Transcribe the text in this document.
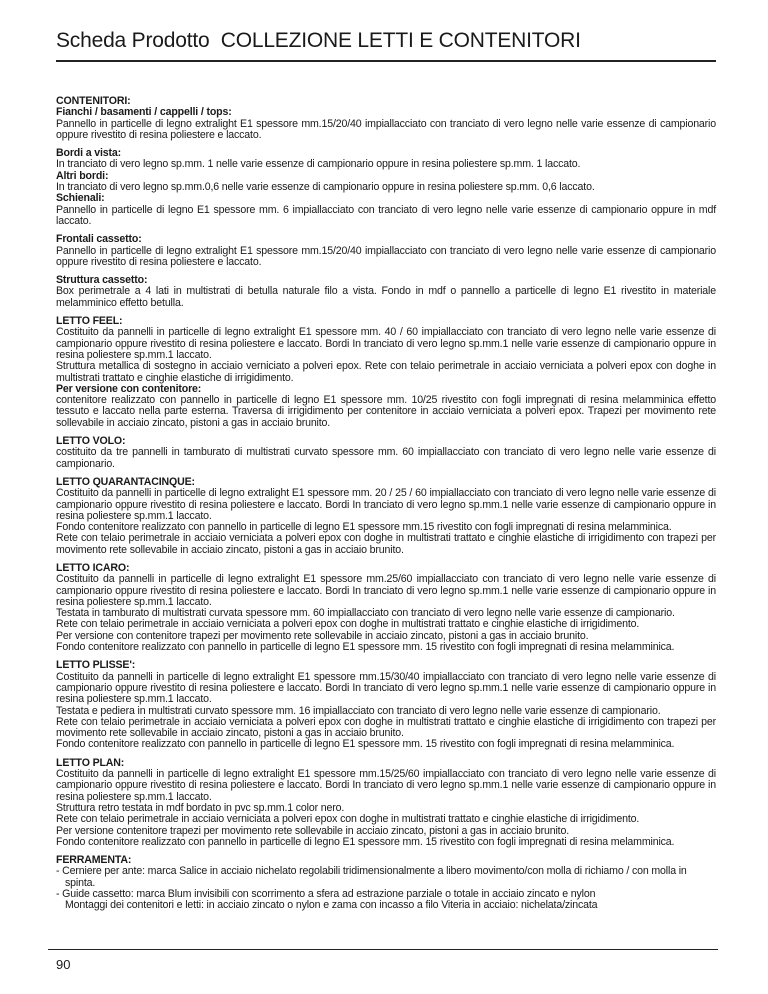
Scheda Prodotto COLLEZIONE LETTI E CONTENITORI
CONTENITORI:
Fianchi / basamenti / cappelli / tops:
Pannello in particelle di legno extralight E1 spessore mm.15/20/40 impiallacciato con tranciato di vero legno nelle varie essenze di campionario oppure rivestito di resina poliestere e laccato.
Bordi a vista:
In tranciato di vero legno sp.mm. 1 nelle varie essenze di campionario oppure in resina poliestere sp.mm. 1 laccato.
Altri bordi:
In tranciato di vero legno sp.mm.0,6 nelle varie essenze di campionario oppure in resina poliestere sp.mm. 0,6 laccato.
Schienali:
Pannello in particelle di legno E1 spessore mm. 6 impiallacciato con tranciato di vero legno nelle varie essenze di campionario oppure in mdf laccato.
Frontali cassetto:
Pannello in particelle di legno extralight E1 spessore mm.15/20/40 impiallacciato con tranciato di vero legno nelle varie essenze di campionario oppure rivestito di resina poliestere e laccato.
Struttura cassetto:
Box perimetrale a 4 lati in multistrati di betulla naturale filo a vista. Fondo in mdf o pannello a particelle di legno E1 rivestito in materiale melamminico effetto betulla.
LETTO FEEL:
Costituito da pannelli in particelle di legno extralight E1 spessore mm. 40 / 60 impiallacciato con tranciato di vero legno nelle varie essenze di campionario oppure rivestito di resina poliestere e laccato. Bordi In tranciato di vero legno sp.mm.1 nelle varie essenze di campionario oppure in resina poliestere sp.mm.1 laccato.
Struttura metallica di sostegno in acciaio verniciato a polveri epox. Rete con telaio perimetrale in acciaio verniciata a polveri epox con doghe in multistrati trattato e cinghie elastiche di irrigidimento.
Per versione con contenitore:
contenitore realizzato con pannello in particelle di legno E1 spessore mm. 10/25 rivestito con fogli impregnati di resina melamminica effetto tessuto e laccato nella parte esterna. Traversa di irrigidimento per contenitore in acciaio verniciata a polveri epox. Trapezi per movimento rete sollevabile in acciaio zincato, pistoni a gas in acciaio brunito.
LETTO VOLO:
costituito da tre pannelli in tamburato di multistrati curvato spessore mm. 60 impiallacciato con tranciato di vero legno nelle varie essenze di campionario.
LETTO QUARANTACINQUE:
Costituito da pannelli in particelle di legno extralight E1 spessore mm. 20 / 25 / 60 impiallacciato con tranciato di vero legno nelle varie essenze di campionario oppure rivestito di resina poliestere e laccato. Bordi In tranciato di vero legno sp.mm.1 nelle varie essenze di campionario oppure in resina poliestere sp.mm.1 laccato.
Fondo contenitore realizzato con pannello in particelle di legno E1 spessore mm.15 rivestito con fogli impregnati di resina melamminica.
Rete con telaio perimetrale in acciaio verniciata a polveri epox con doghe in multistrati trattato e cinghie elastiche di irrigidimento con trapezi per movimento rete sollevabile in acciaio zincato, pistoni a gas in acciaio brunito.
LETTO ICARO:
Costituito da pannelli in particelle di legno extralight E1 spessore mm.25/60 impiallacciato con tranciato di vero legno nelle varie essenze di campionario oppure rivestito di resina poliestere e laccato. Bordi In tranciato di vero legno sp.mm.1 nelle varie essenze di campionario oppure in resina poliestere sp.mm.1 laccato.
Testata in tamburato di multistrati curvata spessore mm. 60 impiallacciato con tranciato di vero legno nelle varie essenze di campionario.
Rete con telaio perimetrale in acciaio verniciata a polveri epox con doghe in multistrati trattato e cinghie elastiche di irrigidimento.
Per versione con contenitore trapezi per movimento rete sollevabile in acciaio zincato, pistoni a gas in acciaio brunito.
Fondo contenitore realizzato con pannello in particelle di legno E1 spessore mm. 15 rivestito con fogli impregnati di resina melamminica.
LETTO PLISSE':
Costituito da pannelli in particelle di legno extralight E1 spessore mm.15/30/40 impiallacciato con tranciato di vero legno nelle varie essenze di campionario oppure rivestito di resina poliestere e laccato. Bordi In tranciato di vero legno sp.mm.1 nelle varie essenze di campionario oppure in resina poliestere sp.mm.1 laccato.
Testata e pediera in multistrati curvato spessore mm. 16 impiallacciato con tranciato di vero legno nelle varie essenze di campionario.
Rete con telaio perimetrale in acciaio verniciata a polveri epox con doghe in multistrati trattato e cinghie elastiche di irrigidimento con trapezi per movimento rete sollevabile in acciaio zincato, pistoni a gas in acciaio brunito.
Fondo contenitore realizzato con pannello in particelle di legno E1 spessore mm. 15 rivestito con fogli impregnati di resina melamminica.
LETTO PLAN:
Costituito da pannelli in particelle di legno extralight E1 spessore mm.15/25/60 impiallacciato con tranciato di vero legno nelle varie essenze di campionario oppure rivestito di resina poliestere e laccato. Bordi In tranciato di vero legno sp.mm.1 nelle varie essenze di campionario oppure in resina poliestere sp.mm.1 laccato.
Struttura retro testata in mdf bordato in pvc sp.mm.1 color nero.
Rete con telaio perimetrale in acciaio verniciata a polveri epox con doghe in multistrati trattato e cinghie elastiche di irrigidimento.
Per versione contenitore trapezi per movimento rete sollevabile in acciaio zincato, pistoni a gas in acciaio brunito.
Fondo contenitore realizzato con pannello in particelle di legno E1 spessore mm. 15 rivestito con fogli impregnati di resina melamminica.
FERRAMENTA:
- Cerniere per ante: marca Salice in acciaio nichelato regolabili tridimensionalmente a libero movimento/con molla di richiamo / con molla in spinta.
- Guide cassetto: marca Blum invisibili con scorrimento a sfera ad estrazione parziale o totale in acciaio zincato e nylon
Montaggi dei contenitori e letti: in acciaio zincato o nylon e zama con incasso a filo Viteria in acciaio: nichelata/zincata
90
